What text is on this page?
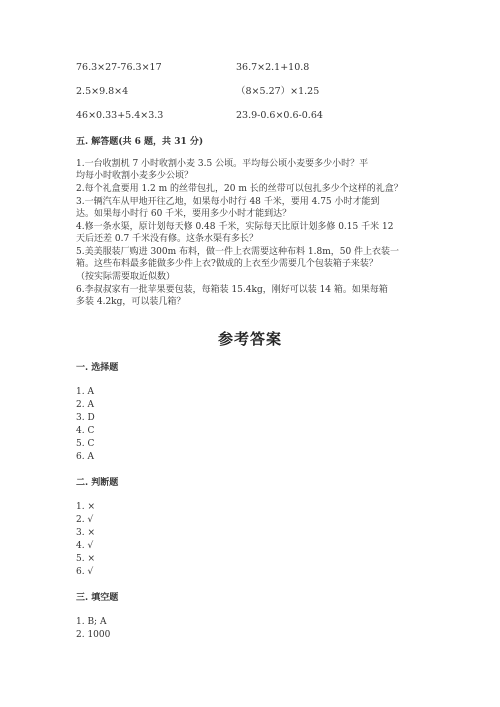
76.3×27-76.3×17	36.7×2.1+10.8
2.5×9.8×4	（8×5.27）×1.25
46×0.33+5.4×3.3	23.9-0.6×0.6-0.64
五. 解答题(共 6 题，共 31 分)
1.一台收割机 7 小时收割小麦 3.5 公顷。平均每公顷小麦要多少小时？平
均每小时收割小麦多少公顷？
2.每个礼盒要用 1.2 m 的丝带包扎，20 m 长的丝带可以包扎多少个这样的礼盒？
3.一辆汽车从甲地开往乙地，如果每小时行 48 千米，要用 4.75 小时才能到
达。如果每小时行 60 千米，要用多少小时才能到达？
4.修一条水渠，原计划每天修 0.48 千米，实际每天比原计划多修 0.15 千米 12
天后还差 0.7 千米没有修。这条水渠有多长？
5.美美服装厂购进 300m 布料，做一件上衣需要这种布料 1.8m，50 件上衣装一
箱。这些布料最多能做多少件上衣?做成的上衣至少需要几个包装箱子来装？
（按实际需要取近似数）
6.李叔叔家有一批苹果要包装，每箱装 15.4kg，刚好可以装 14 箱。如果每箱
多装 4.2kg，可以装几箱？
参考答案
一. 选择题
1. A
2. A
3. D
4. C
5. C
6. A
二. 判断题
1. ×
2. √
3. ×
4. √
5. ×
6. √
三. 填空题
1. B; A
2. 1000
